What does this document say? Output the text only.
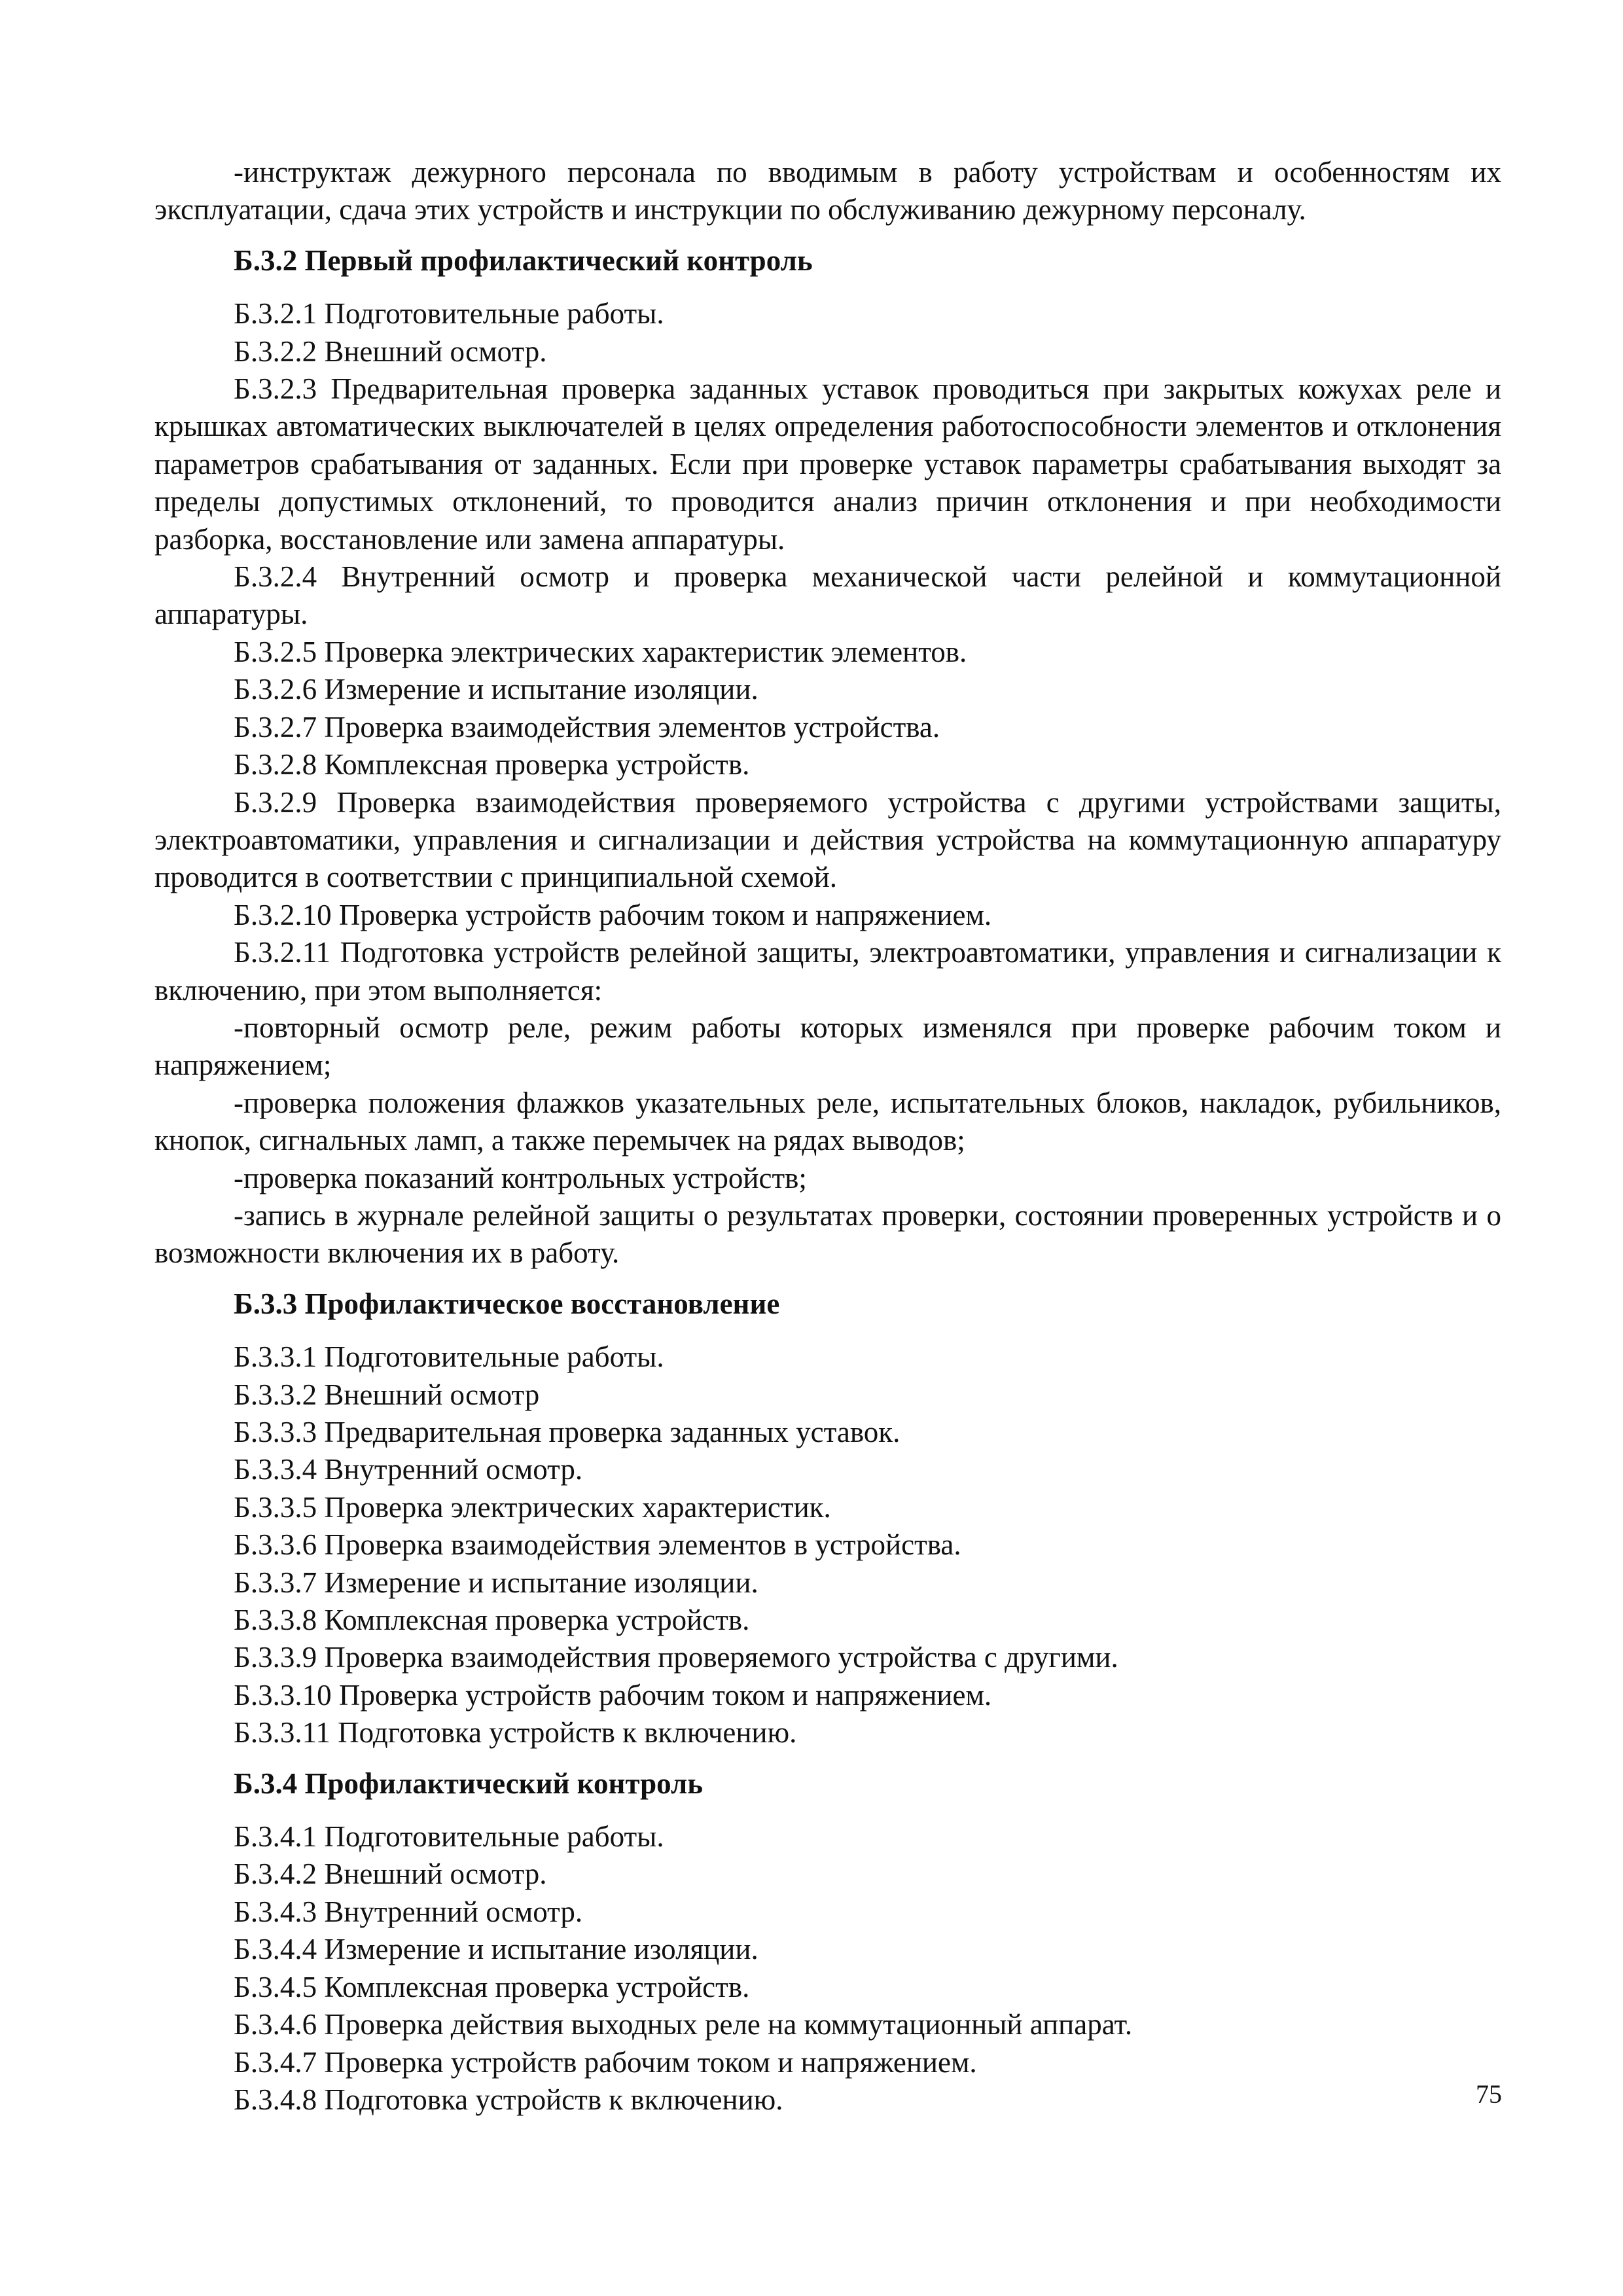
-инструктаж дежурного персонала по вводимым в работу устройствам и особенностям их эксплуатации, сдача этих устройств и инструкции по обслуживанию дежурному персоналу.

Б.3.2 Первый профилактический контроль

Б.3.2.1 Подготовительные работы.

Б.3.2.2 Внешний осмотр.

Б.3.2.3 Предварительная проверка заданных уставок проводиться при закрытых кожухах реле и крышках автоматических выключателей в целях определения работоспособности элементов и отклонения параметров срабатывания от заданных. Если при проверке уставок параметры срабатывания выходят за пределы допустимых отклонений, то проводится анализ причин отклонения и при необходимости разборка, восстановление или замена аппаратуры.

Б.3.2.4 Внутренний осмотр и проверка механической части релейной и коммутационной аппаратуры.

Б.3.2.5 Проверка электрических характеристик элементов.

Б.3.2.6 Измерение и испытание изоляции.

Б.3.2.7 Проверка взаимодействия элементов устройства.

Б.3.2.8 Комплексная проверка устройств.

Б.3.2.9 Проверка взаимодействия проверяемого устройства с другими устройствами защиты, электроавтоматики, управления и сигнализации и действия устройства на коммутационную аппаратуру проводится в соответствии с принципиальной схемой.

Б.3.2.10 Проверка устройств рабочим током и напряжением.

Б.3.2.11 Подготовка устройств релейной защиты, электроавтоматики, управления и сигнализации к включению, при этом выполняется:

-повторный осмотр реле, режим работы которых изменялся при проверке рабочим током и напряжением;

-проверка положения флажков указательных реле, испытательных блоков, накладок, рубильников, кнопок, сигнальных ламп, а также перемычек на рядах выводов;

-проверка показаний контрольных устройств;

-запись в журнале релейной защиты о результатах проверки, состоянии проверенных устройств и о возможности включения их в работу.

Б.3.3 Профилактическое восстановление

Б.3.3.1 Подготовительные работы.

Б.3.3.2 Внешний осмотр

Б.3.3.3 Предварительная проверка заданных уставок.

Б.3.3.4 Внутренний осмотр.

Б.3.3.5 Проверка электрических характеристик.

Б.3.3.6 Проверка взаимодействия элементов в устройства.

Б.3.3.7 Измерение и испытание изоляции.

Б.3.3.8 Комплексная проверка устройств.

Б.3.3.9 Проверка взаимодействия проверяемого устройства с другими.

Б.3.3.10 Проверка устройств рабочим током и напряжением.

Б.3.3.11 Подготовка устройств к включению.

Б.3.4 Профилактический контроль

Б.3.4.1 Подготовительные работы.

Б.3.4.2 Внешний осмотр.

Б.3.4.3 Внутренний осмотр.

Б.3.4.4 Измерение и испытание изоляции.

Б.3.4.5 Комплексная проверка устройств.

Б.3.4.6 Проверка действия выходных реле на коммутационный аппарат.

Б.3.4.7 Проверка устройств рабочим током и напряжением.

Б.3.4.8 Подготовка устройств к включению.	75
